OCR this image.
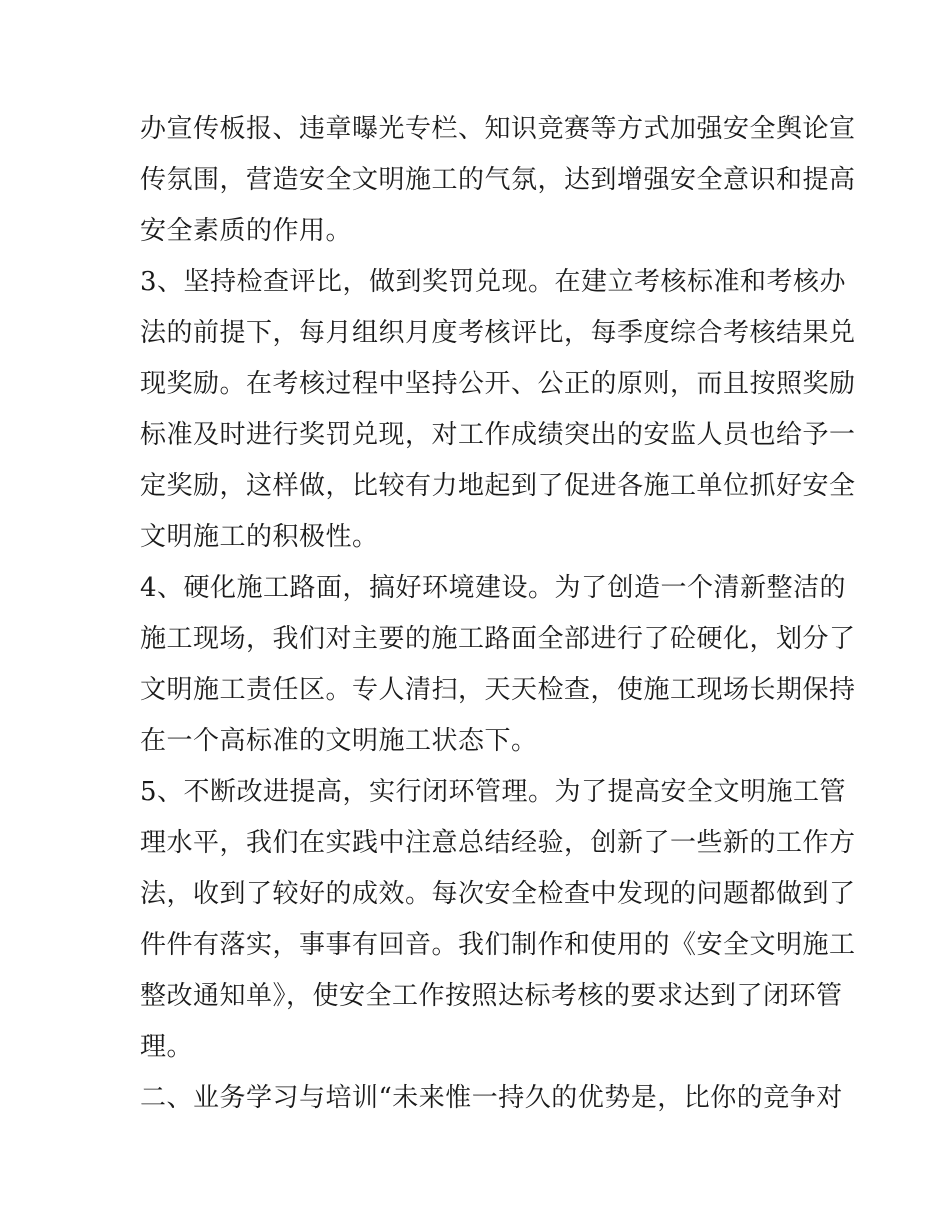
办宣传板报、违章曝光专栏、知识竞赛等方式加强安全舆论宣
传氛围，营造安全文明施工的气氛，达到增强安全意识和提高
安全素质的作用。
3、坚持检查评比，做到奖罚兑现。在建立考核标准和考核办
法的前提下，每月组织月度考核评比，每季度综合考核结果兑
现奖励。在考核过程中坚持公开、公正的原则，而且按照奖励
标准及时进行奖罚兑现，对工作成绩突出的安监人员也给予一
定奖励，这样做，比较有力地起到了促进各施工单位抓好安全
文明施工的积极性。
4、硬化施工路面，搞好环境建设。为了创造一个清新整洁的
施工现场，我们对主要的施工路面全部进行了砼硬化，划分了
文明施工责任区。专人清扫，天天检查，使施工现场长期保持
在一个高标准的文明施工状态下。
5、不断改进提高，实行闭环管理。为了提高安全文明施工管
理水平，我们在实践中注意总结经验，创新了一些新的工作方
法，收到了较好的成效。每次安全检查中发现的问题都做到了
件件有落实，事事有回音。我们制作和使用的《安全文明施工
整改通知单》，使安全工作按照达标考核的要求达到了闭环管
理。
二、业务学习与培训“未来惟一持久的优势是，比你的竞争对
